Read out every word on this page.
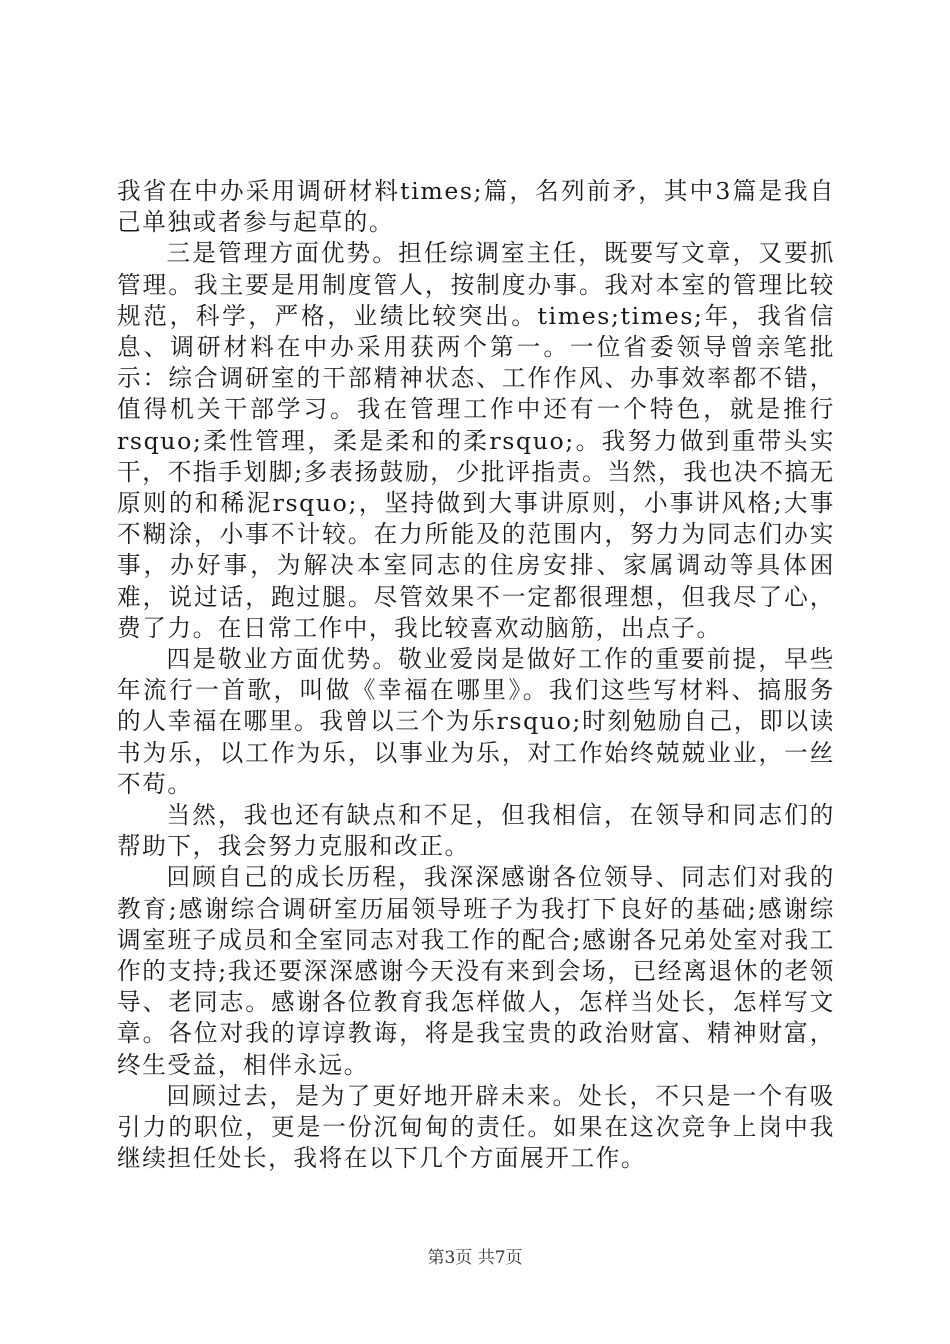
我省在中办采用调研材料times;篇，名列前矛，其中3篇是我自己单独或者参与起草的。

三是管理方面优势。担任综调室主任，既要写文章，又要抓管理。我主要是用制度管人，按制度办事。我对本室的管理比较规范，科学，严格，业绩比较突出。times;times;年，我省信息、调研材料在中办采用获两个第一。一位省委领导曾亲笔批示：综合调研室的干部精神状态、工作作风、办事效率都不错，值得机关干部学习。我在管理工作中还有一个特色，就是推行rsquo;柔性管理，柔是柔和的柔rsquo;。我努力做到重带头实干，不指手划脚;多表扬鼓励，少批评指责。当然，我也决不搞无原则的和稀泥rsquo;，坚持做到大事讲原则，小事讲风格;大事不糊涂，小事不计较。在力所能及的范围内，努力为同志们办实事，办好事，为解决本室同志的住房安排、家属调动等具体困难，说过话，跑过腿。尽管效果不一定都很理想，但我尽了心，费了力。在日常工作中，我比较喜欢动脑筋，出点子。

四是敬业方面优势。敬业爱岗是做好工作的重要前提，早些年流行一首歌，叫做《幸福在哪里》。我们这些写材料、搞服务的人幸福在哪里。我曾以三个为乐rsquo;时刻勉励自己，即以读书为乐，以工作为乐，以事业为乐，对工作始终兢兢业业，一丝不苟。

当然，我也还有缺点和不足，但我相信，在领导和同志们的帮助下，我会努力克服和改正。

回顾自己的成长历程，我深深感谢各位领导、同志们对我的教育;感谢综合调研室历届领导班子为我打下良好的基础;感谢综调室班子成员和全室同志对我工作的配合;感谢各兄弟处室对我工作的支持;我还要深深感谢今天没有来到会场，已经离退休的老领导、老同志。感谢各位教育我怎样做人，怎样当处长，怎样写文章。各位对我的谆谆教诲，将是我宝贵的政治财富、精神财富，终生受益，相伴永远。

回顾过去，是为了更好地开辟未来。处长，不只是一个有吸引力的职位，更是一份沉甸甸的责任。如果在这次竞争上岗中我继续担任处长，我将在以下几个方面展开工作。

第3页 共7页
